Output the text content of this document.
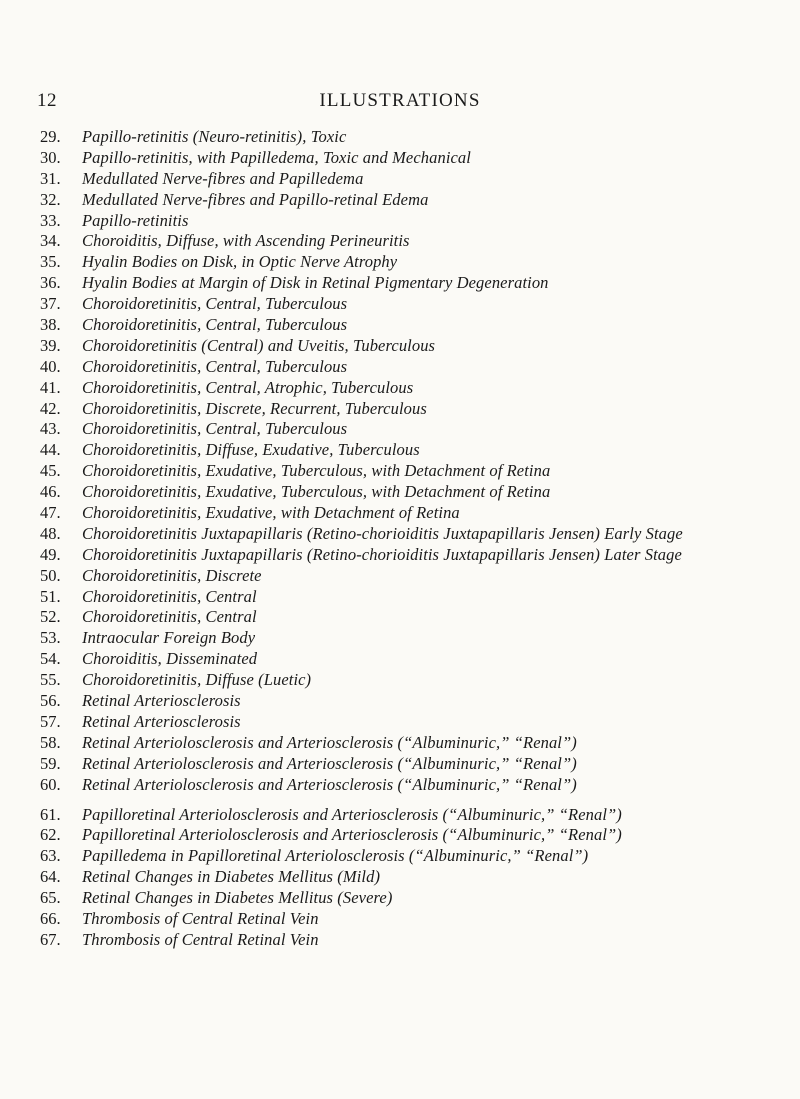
12	ILLUSTRATIONS
29. Papillo-retinitis (Neuro-retinitis), Toxic
30. Papillo-retinitis, with Papilledema, Toxic and Mechanical
31. Medullated Nerve-fibres and Papilledema
32. Medullated Nerve-fibres and Papillo-retinal Edema
33. Papillo-retinitis
34. Choroiditis, Diffuse, with Ascending Perineuritis
35. Hyalin Bodies on Disk, in Optic Nerve Atrophy
36. Hyalin Bodies at Margin of Disk in Retinal Pigmentary Degeneration
37. Choroidoretinitis, Central, Tuberculous
38. Choroidoretinitis, Central, Tuberculous
39. Choroidoretinitis (Central) and Uveitis, Tuberculous
40. Choroidoretinitis, Central, Tuberculous
41. Choroidoretinitis, Central, Atrophic, Tuberculous
42. Choroidoretinitis, Discrete, Recurrent, Tuberculous
43. Choroidoretinitis, Central, Tuberculous
44. Choroidoretinitis, Diffuse, Exudative, Tuberculous
45. Choroidoretinitis, Exudative, Tuberculous, with Detachment of Retina
46. Choroidoretinitis, Exudative, Tuberculous, with Detachment of Retina
47. Choroidoretinitis, Exudative, with Detachment of Retina
48. Choroidoretinitis Juxtapapillaris (Retino-chorioiditis Juxtapapillaris Jensen) Early Stage
49. Choroidoretinitis Juxtapapillaris (Retino-chorioiditis Juxtapapillaris Jensen) Later Stage
50. Choroidoretinitis, Discrete
51. Choroidoretinitis, Central
52. Choroidoretinitis, Central
53. Intraocular Foreign Body
54. Choroiditis, Disseminated
55. Choroidoretinitis, Diffuse (Luetic)
56. Retinal Arteriosclerosis
57. Retinal Arteriosclerosis
58. Retinal Arteriolosclerosis and Arteriosclerosis (“Albuminuric,” “Renal”)
59. Retinal Arteriolosclerosis and Arteriosclerosis (“Albuminuric,” “Renal”)
60. Retinal Arteriolosclerosis and Arteriosclerosis (“Albuminuric,” “Renal”)
61. Papilloretinal Arteriolosclerosis and Arteriosclerosis (“Albuminuric,” “Renal”)
62. Papilloretinal Arteriolosclerosis and Arteriosclerosis (“Albuminuric,” “Renal”)
63. Papilledema in Papilloretinal Arteriolosclerosis (“Albuminuric,” “Renal”)
64. Retinal Changes in Diabetes Mellitus (Mild)
65. Retinal Changes in Diabetes Mellitus (Severe)
66. Thrombosis of Central Retinal Vein
67. Thrombosis of Central Retinal Vein
